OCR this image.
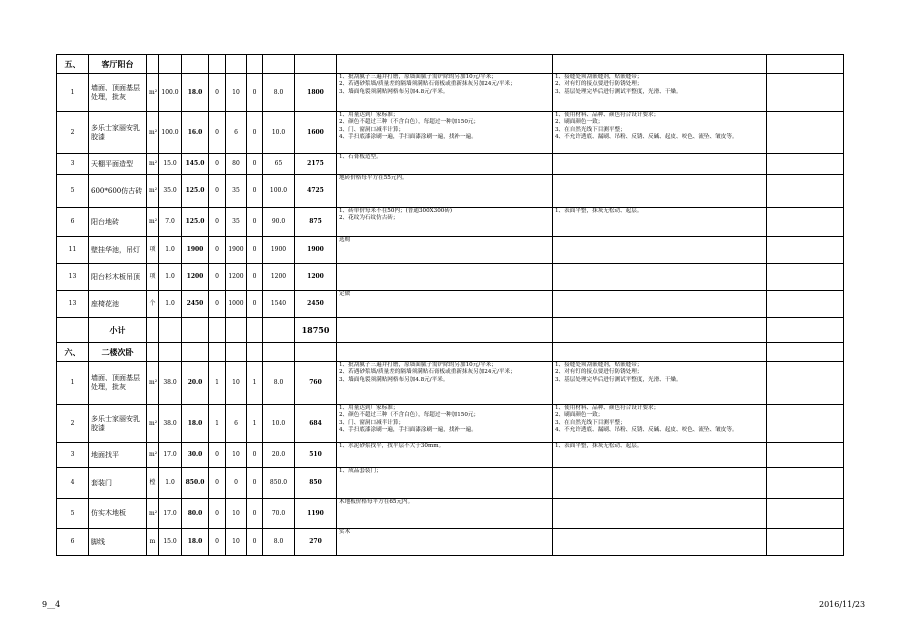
五、	客厅阳台											
1	墙面、顶面基层处理，批灰	m²	100.0	18.0	0	10	0	8.0	1800	1、批刮腻子三遍并打磨，原墙面腻子需铲除的另加10元/平米；
2、若遇砂浆墙/质量差的隔墙须满贴石膏板或重新抹灰另加24元/平米；
3、墙面龟裂须满贴网格布另加4.8元/平米。	1、接缝处须刮嵌缝剂，贴嵌缝带；
2、对有钉的接点要进行防锈处理；
3、基层处理完毕后进行测试平整度，光滑、干燥。	
2	多乐士家丽安乳胶漆	m²	100.0	16.0	0	6	0	10.0	1600	1、用量达到厂家标准；
2、颜色不超过三种（不含白色），每超过一种加150元；
3、门、窗洞口减半计算；
4、手扫底漆涂刷一遍，手扫面漆涂刷一遍，找补一遍。	1、使用材料、品种、颜色符合设计要求；
2、刷面颜色一致；
3、在自然光线下目测平整；
4、不允许透底、漏刷、吊粉、反锈、反碱、起皮、咬色、流坠、皱皮等。	
3	天棚平面造型	m²	15.0	145.0	0	80	0	65	2175	1、石膏板造型。		
5	600*600仿古砖	m²	35.0	125.0	0	35	0	100.0	4725	地砖价格每平方在55元内。		
6	阳台地砖	m²	7.0	125.0	0	35	0	90.0	875	1、砖单价每米不在50内；(普通300X300砖)
2、花纹为石纹仿古砖；	1、表面平整，抹灰无松动、起层。	
11	壁挂华池，吊灯	项	1.0	1900	0	1900	0	1900	1900	选购		
13	阳台杉木板吊顶	项	1.0	1200	0	1200	0	1200	1200			
13	座椅花池	个	1.0	2450	0	1000	0	1540	2450	定做		
	小计								18750			
六、	二楼次卧											
1	墙面、顶面基层处理，批灰	m²	38.0	20.0	1	10	1	8.0	760	1、批刮腻子三遍并打磨，原墙面腻子需铲除的另加10元/平米；
2、若遇砂浆墙/质量差的隔墙须满贴石膏板或重新抹灰另加24元/平米；
3、墙面龟裂须满贴网格布另加4.8元/平米。	1、接缝处须刮嵌缝剂，贴嵌缝带；
2、对有钉的接点要进行防锈处理；
3、基层处理完毕后进行测试平整度，光滑、干燥。	
2	多乐士家丽安乳胶漆	m²	38.0	18.0	1	6	1	10.0	684	1、用量达到厂家标准；
2、颜色不超过三种（不含白色），每超过一种加150元；
3、门、窗洞口减半计算；
4、手扫底漆涂刷一遍，手扫面漆涂刷一遍，找补一遍。	1、使用材料、品种、颜色符合设计要求；
2、刷面颜色一致；
3、在自然光线下目测平整；
4、不允许透底、漏刷、吊粉、反锈、反碱、起皮、咬色、流坠、皱皮等。	
3	地面找平	m²	17.0	30.0	0	10	0	20.0	510	1、水泥砂浆找平，找平层不大于30mm。	1、表面平整，抹灰无松动、起层。	
4	套装门	樘	1.0	850.0	0	0	0	850.0	850	1、成品套装门；		
5	仿实木地板	m²	17.0	80.0	0	10	0	70.0	1190	木地板价格每平方在65元内。		
6	脚线	m	15.0	18.0	0	10	0	8.0	270	实木		
9__4	2016/11/23
